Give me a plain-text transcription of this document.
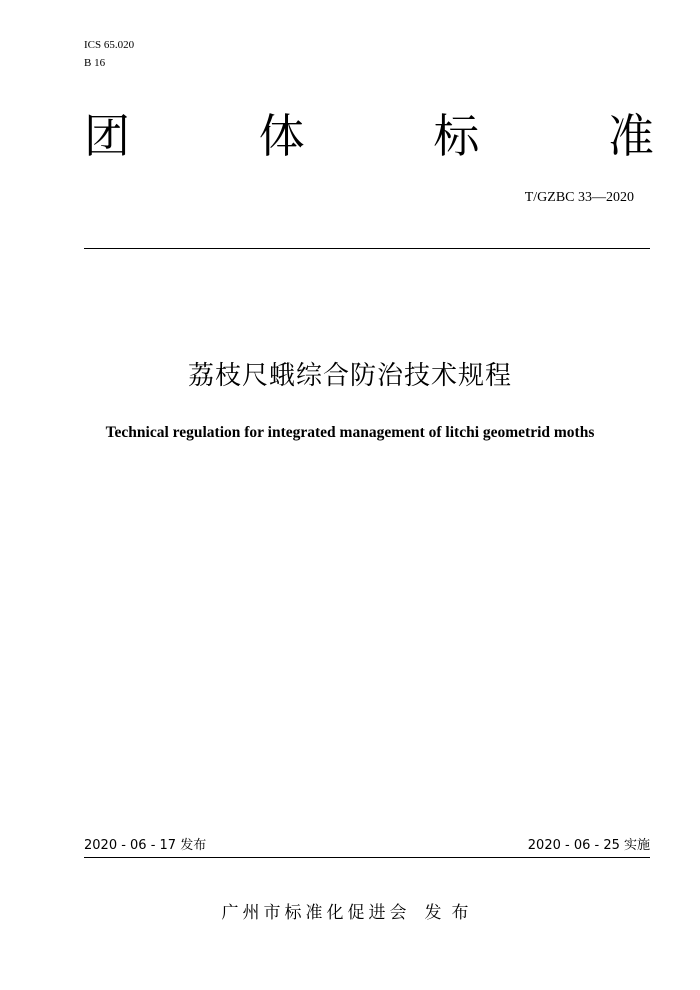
ICS 65.020
B 16
团	体	标	准
T/GZBC 33—2020
荔枝尺蛾综合防治技术规程
Technical regulation for integrated management of litchi geometrid moths
2020 - 06 - 17 发布	2020 - 06 - 25 实施
广州市标准化促进会 发布
